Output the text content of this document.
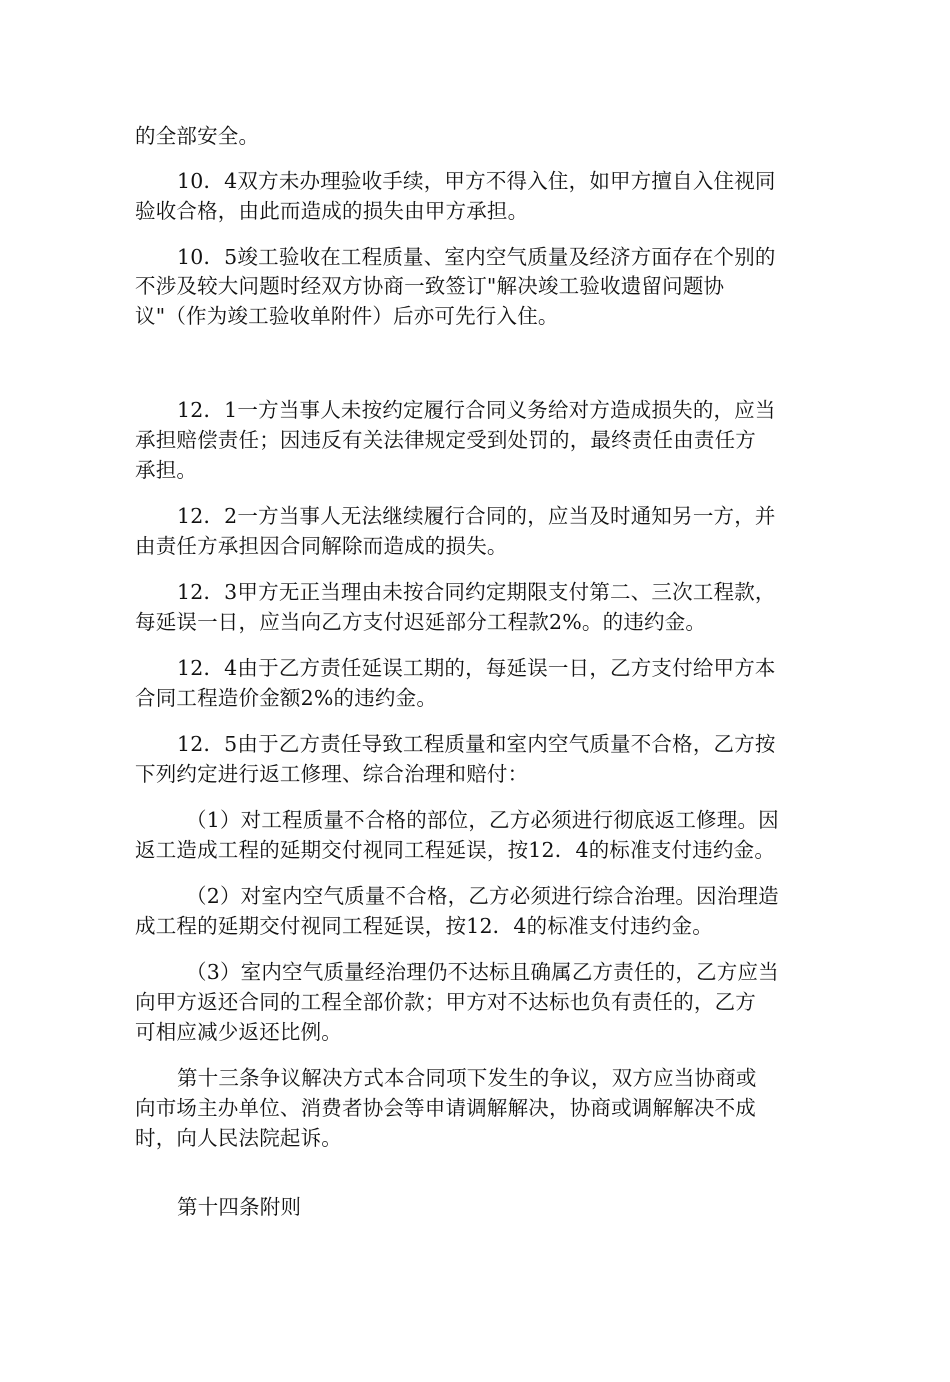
的全部安全。
10．4双方未办理验收手续，甲方不得入住，如甲方擅自入住视同
验收合格，由此而造成的损失由甲方承担。
10．5竣工验收在工程质量、室内空气质量及经济方面存在个别的
不涉及较大问题时经双方协商一致签订"解决竣工验收遗留问题协
议"（作为竣工验收单附件）后亦可先行入住。
12．1一方当事人未按约定履行合同义务给对方造成损失的，应当
承担赔偿责任；因违反有关法律规定受到处罚的，最终责任由责任方
承担。
12．2一方当事人无法继续履行合同的，应当及时通知另一方，并
由责任方承担因合同解除而造成的损失。
12．3甲方无正当理由未按合同约定期限支付第二、三次工程款，
每延误一日，应当向乙方支付迟延部分工程款2%。的违约金。
12．4由于乙方责任延误工期的，每延误一日，乙方支付给甲方本
合同工程造价金额2%的违约金。
12．5由于乙方责任导致工程质量和室内空气质量不合格，乙方按
下列约定进行返工修理、综合治理和赔付：
（1）对工程质量不合格的部位，乙方必须进行彻底返工修理。因
返工造成工程的延期交付视同工程延误，按12．4的标准支付违约金。
（2）对室内空气质量不合格，乙方必须进行综合治理。因治理造
成工程的延期交付视同工程延误，按12．4的标准支付违约金。
（3）室内空气质量经治理仍不达标且确属乙方责任的，乙方应当
向甲方返还合同的工程全部价款；甲方对不达标也负有责任的，乙方
可相应减少返还比例。
第十三条争议解决方式本合同项下发生的争议，双方应当协商或
向市场主办单位、消费者协会等申请调解解决，协商或调解解决不成
时，向人民法院起诉。
第十四条附则
